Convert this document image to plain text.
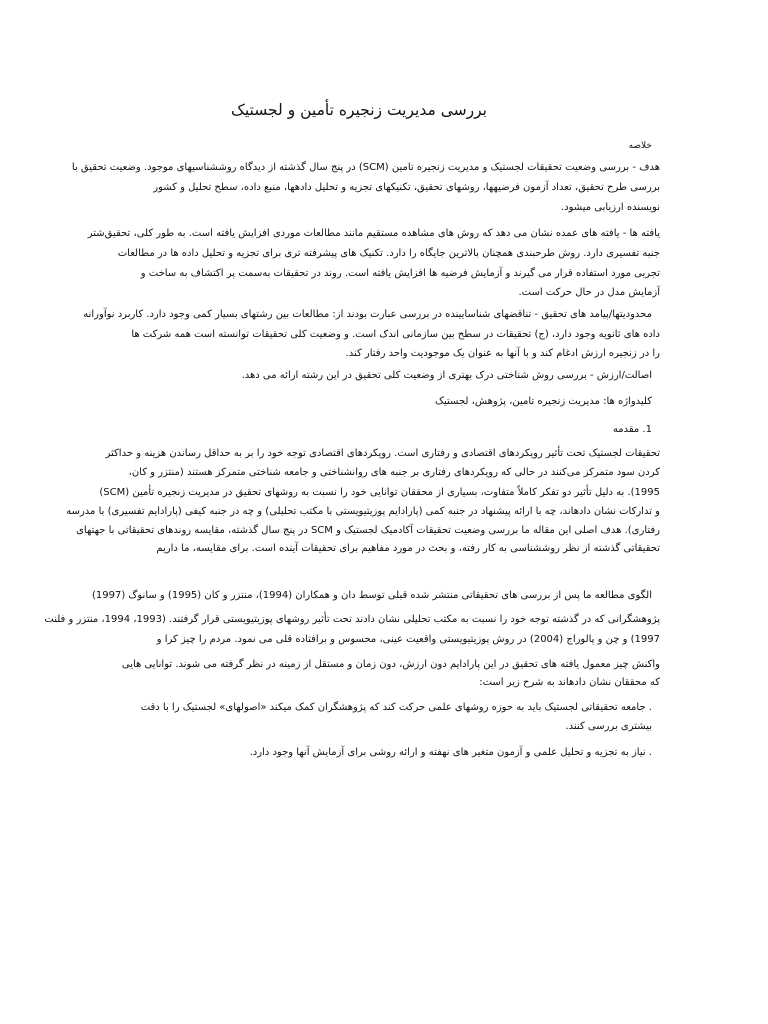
بررسی مدیریت زنجیره تأمین و لجستیک
خلاصه
هدف - بررسی وضعیت تحقیقات لجستیک و مدیریت زنجیره تامین (SCM) در پنج سال گذشته از دیدگاه روششناسیهای موجود. وضعیت تحقیق با
بررسی طرح تحقیق، تعداد آزمون فرضیهها، روشهای تحقیق، تکنیکهای تجزیه و تحلیل دادهها، منبع داده، سطح تحلیل و کشور
نویسنده ارزیابی میشود.
یافته ها - یافته های عمده نشان می دهد که روش های مشاهده مستقیم مانند مطالعات موردی افزایش یافته است. به طور کلی، تحقیق‌شتر
جنبه تفسیری دارد. روش طرحبندی همچنان بالاترین جایگاه را دارد. تکنیک های پیشرفته تری برای تجزیه و تحلیل داده ها در مطالعات
تجربی مورد استفاده قرار می گیرند و آزمایش فرضیه ها افزایش یافته است. روند در تحقیقات به‌سمت پر اکتشاف به ساخت و
آزمایش مدل در حال حرکت است.
محدودیتها/پیامد های تحقیق - تناقضهای شناسایینده در بررسی عبارت بودند از: مطالعات بین رشتهای بسیار کمی وجود دارد. کاربرد نوآورانه
داده های ثانویه وجود دارد، (ج) تحقیقات در سطح بین سازمانی اندک است. و وضعیت کلی تحقیقات توانسته است همه شرکت ها
را در زنجیره ارزش ادغام کند و با آنها به عنوان یک موجودیت واحد رفتار کند.
اصالت/ارزش - بررسی روش شناختی درک بهتری از وضعیت کلی تحقیق در این رشته ارائه می دهد.
کلیدواژه ها: مدیریت زنجیره تامین، پژوهش، لجستیک
1. مقدمه
تحقیقات لجستیک تحت تأثیر رویکردهای اقتصادی و رفتاری است. رویکردهای اقتصادی توجه خود را بر به حداقل رساندن هزینه و حداکثر
کردن سود متمرکز می‌کنند در حالی که رویکردهای رفتاری بر جنبه های روانشناختی و جامعه شناختی متمرکز هستند (منتزر و کان،
1995). به دلیل تأثیر دو تفکر کاملاً متفاوت، بسیاری از محققان توانایی خود را نسبت به روشهای تحقیق در مدیریت زنجیره تأمین (SCM)
و تدارکات نشان دادهاند، چه با ارائه پیشنهاد در جنبه کمی (پارادایم پوزیتیویستی با مکتب تحلیلی) و چه در جنبه کیفی (پارادایم تفسیری) با مدرسه
رفتاری). هدف اصلی این مقاله ما بررسی وضعیت تحقیقات آکادمیک لجستیک و SCM در پنج سال گذشته، مقایسه روندهای تحقیقاتی با جهتهای
تحقیقاتی گذشته از نظر روششناسی به کار رفته، و بحث در مورد مفاهیم برای تحقیقات آینده است. برای مقایسه، ما داریم
الگوی مطالعه ما پس از بررسی های تحقیقاتی منتشر شده قبلی توسط دان و همکاران (1994)، منتزر و کان (1995) و سانوگ (1997)
پژوهشگرانی که در گذشته توجه خود را نسبت به مکتب تحلیلی نشان دادند تحت تأثیر روشهای پوزیتیویستی قرار گرفتند. (1993، 1994، منتزر و فلنت
1997) و چن و پالوراج (2004) در روش پوزیتیویستی واقعیت عینی، محسوس و برافتاده قلی می نمود. مردم را چیز کرا و
واکنش چیز معمول یافته های تحقیق در این پارادایم دون ارزش، دون زمان و مستقل از زمینه در نظر گرفته می شوند. توانایی هایی
که محققان نشان دادهاند به شرح زیر است:
. جامعه تحقیقاتی لجستیک باید به حوزه روشهای علمی حرکت کند که پژوهشگران کمک میکند «اصولهای» لجستیک را با دقت
بیشتری بررسی کنند.
. نیاز به تجزیه و تحلیل علمی و آزمون متغیر های نهفته و ارائه روشی برای آزمایش آنها وجود دارد.
